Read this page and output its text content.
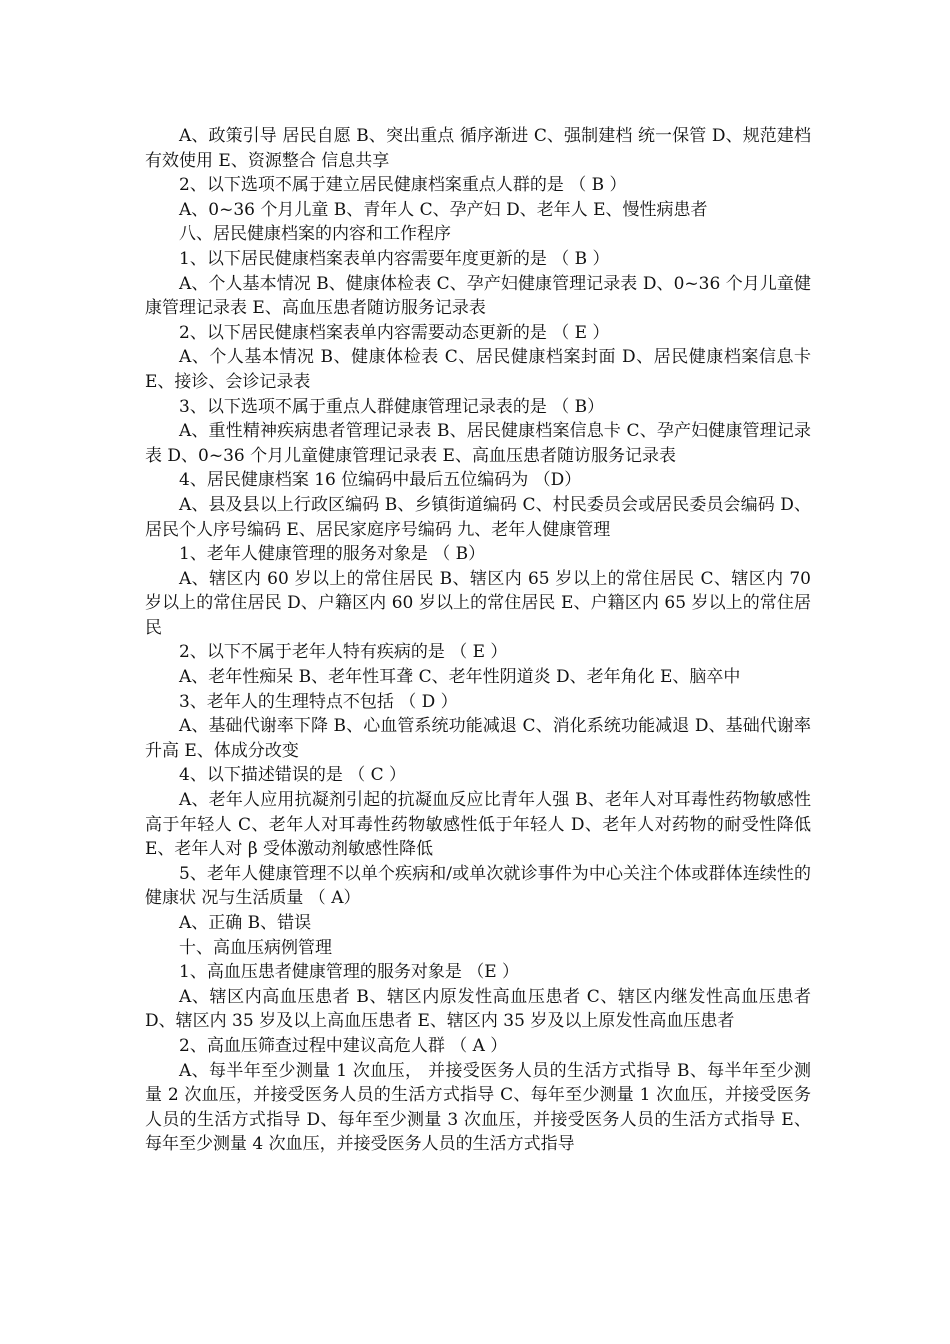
A、政策引导 居民自愿 B、突出重点 循序渐进 C、强制建档 统一保管 D、规范建档 有效使用 E、资源整合 信息共享

2、以下选项不属于建立居民健康档案重点人群的是 （ B ）

A、0~36 个月儿童 B、青年人 C、孕产妇 D、老年人 E、慢性病患者

八、居民健康档案的内容和工作程序

1、以下居民健康档案表单内容需要年度更新的是 （ B ）

A、个人基本情况 B、健康体检表 C、孕产妇健康管理记录表 D、0~36 个月儿童健康管理记录表 E、高血压患者随访服务记录表

2、以下居民健康档案表单内容需要动态更新的是 （ E ）

A、个人基本情况 B、健康体检表 C、居民健康档案封面 D、居民健康档案信息卡 E、接诊、会诊记录表

3、以下选项不属于重点人群健康管理记录表的是 （ B）

A、重性精神疾病患者管理记录表 B、居民健康档案信息卡 C、孕产妇健康管理记录表 D、0~36 个月儿童健康管理记录表 E、高血压患者随访服务记录表

4、居民健康档案 16 位编码中最后五位编码为 （D）

A、县及县以上行政区编码 B、乡镇街道编码 C、村民委员会或居民委员会编码 D、居民个人序号编码 E、居民家庭序号编码 九、老年人健康管理

1、老年人健康管理的服务对象是 （ B）

A、辖区内 60 岁以上的常住居民 B、辖区内 65 岁以上的常住居民 C、辖区内 70 岁以上的常住居民 D、户籍区内 60 岁以上的常住居民 E、户籍区内 65 岁以上的常住居民

2、以下不属于老年人特有疾病的是 （ E ）

A、老年性痴呆 B、老年性耳聋 C、老年性阴道炎 D、老年角化 E、脑卒中

3、老年人的生理特点不包括 （ D ）

A、基础代谢率下降 B、心血管系统功能减退 C、消化系统功能减退 D、基础代谢率升高 E、体成分改变

4、以下描述错误的是 （ C ）

A、老年人应用抗凝剂引起的抗凝血反应比青年人强 B、老年人对耳毒性药物敏感性高于年轻人 C、老年人对耳毒性药物敏感性低于年轻人 D、老年人对药物的耐受性降低 E、老年人对 β 受体激动剂敏感性降低

5、老年人健康管理不以单个疾病和/或单次就诊事件为中心关注个体或群体连续性的健康状 况与生活质量 （ A）

A、正确 B、错误

十、高血压病例管理

1、高血压患者健康管理的服务对象是 （E ）

A、辖区内高血压患者 B、辖区内原发性高血压患者 C、辖区内继发性高血压患者 D、辖区内 35 岁及以上高血压患者 E、辖区内 35 岁及以上原发性高血压患者

2、高血压筛查过程中建议高危人群 （ A ）

A、每半年至少测量 1 次血压， 并接受医务人员的生活方式指导 B、每半年至少测量 2 次血压，并接受医务人员的生活方式指导 C、每年至少测量 1 次血压，并接受医务人员的生活方式指导 D、每年至少测量 3 次血压，并接受医务人员的生活方式指导 E、每年至少测量 4 次血压，并接受医务人员的生活方式指导
